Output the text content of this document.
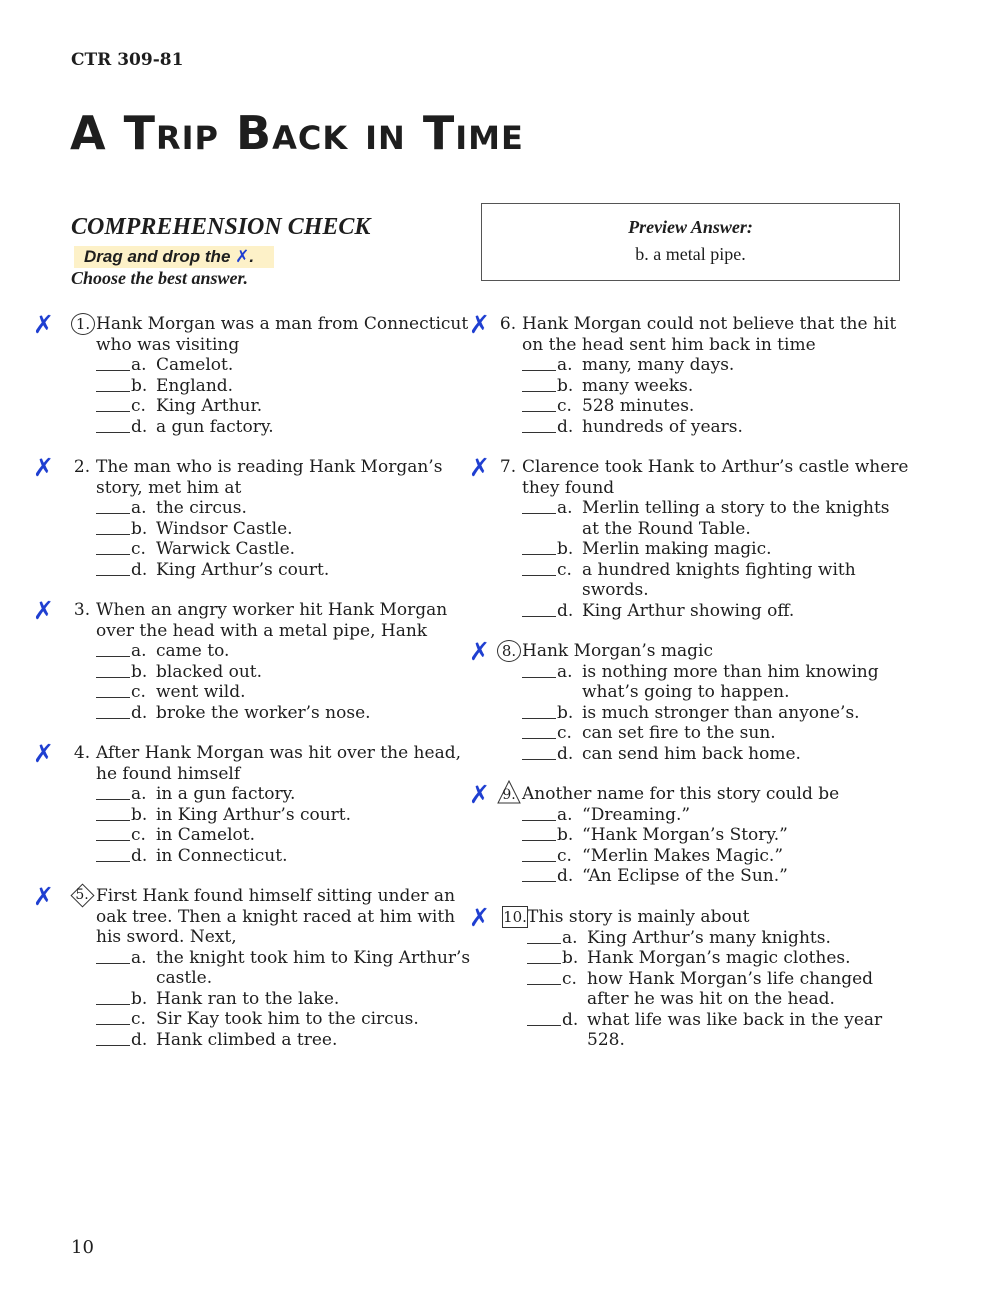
CTR 309-81
A Trip Back in Time
COMPREHENSION CHECK
Drag and drop the ✗.
Choose the best answer.
Preview Answer:
b. a metal pipe.
✗	1. Hank Morgan was a man from Connecticut
who was visiting
a. Camelot.
b. England.
c. King Arthur.
d. a gun factory.
✗ 2. The man who is reading Hank Morgan’s
story, met him at
a. the circus.
b. Windsor Castle.
c. Warwick Castle.
d. King Arthur’s court.
✗ 3. When an angry worker hit Hank Morgan
over the head with a metal pipe, Hank
a. came to.
b. blacked out.
c. went wild.
d. broke the worker’s nose.
✗ 4. After Hank Morgan was hit over the head,
he found himself
a. in a gun factory.
b. in King Arthur’s court.
c. in Camelot.
d. in Connecticut.
✗	5. First Hank found himself sitting under an
oak tree. Then a knight raced at him with
his sword. Next,
a. the knight took him to King Arthur’s
castle.
b. Hank ran to the lake.
c. Sir Kay took him to the circus.
d. Hank climbed a tree.
✗ 6. Hank Morgan could not believe that the hit
on the head sent him back in time
a. many, many days.
b. many weeks.
c. 528 minutes.
d. hundreds of years.
✗ 7. Clarence took Hank to Arthur’s castle where
they found
a. Merlin telling a story to the knights
at the Round Table.
b. Merlin making magic.
c. a hundred knights fighting with
swords.
d. King Arthur showing off.
✗ 8. Hank Morgan’s magic
a. is nothing more than him knowing
what’s going to happen.
b. is much stronger than anyone’s.
c. can set fire to the sun.
d. can send him back home.
✗ 9. Another name for this story could be
a. “Dreaming.”
b. “Hank Morgan’s Story.”
c. “Merlin Makes Magic.”
d. “An Eclipse of the Sun.”
✗ 10. This story is mainly about
a. King Arthur’s many knights.
b. Hank Morgan’s magic clothes.
c. how Hank Morgan’s life changed
after he was hit on the head.
d. what life was like back in the year
528.
10
